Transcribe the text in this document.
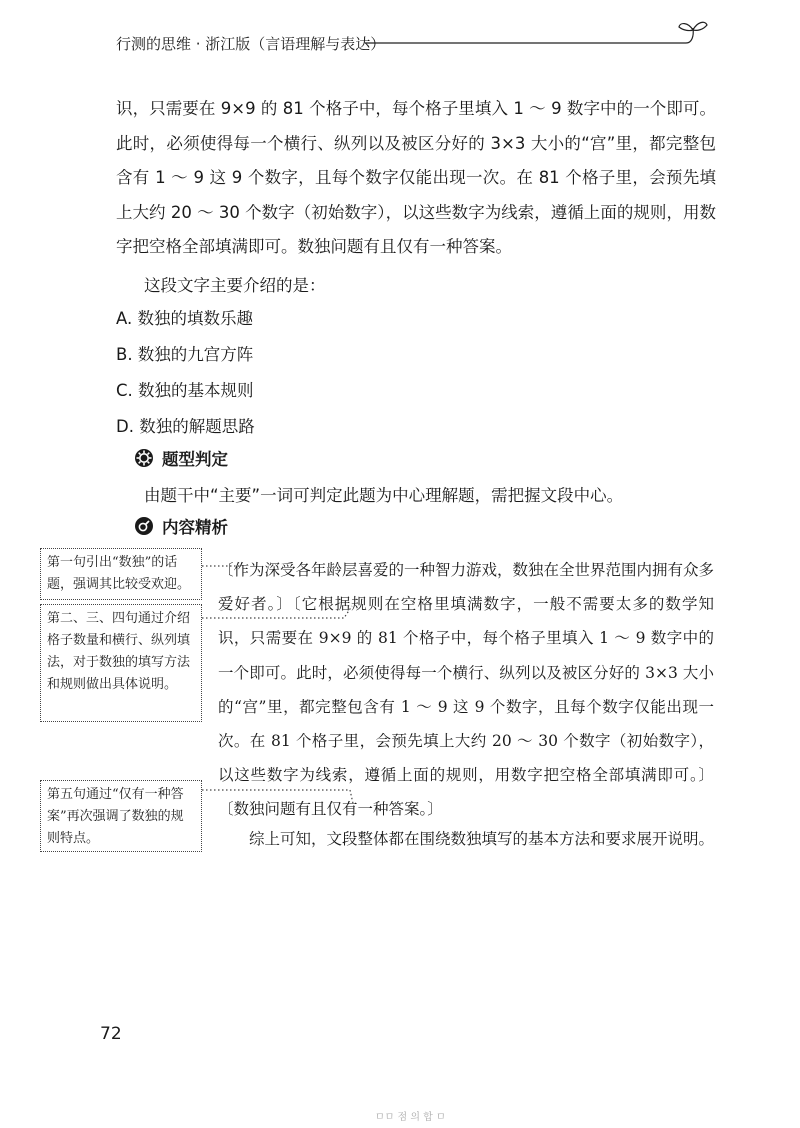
行测的思维 · 浙江版（言语理解与表达）
识，只需要在 9×9 的 81 个格子中，每个格子里填入 1 ～ 9 数字中的一个即可。此时，必须使得每一个横行、纵列以及被区分好的 3×3 大小的“宫”里，都完整包含有 1 ～ 9 这 9 个数字，且每个数字仅能出现一次。在 81 个格子里，会预先填上大约 20 ～ 30 个数字（初始数字），以这些数字为线索，遵循上面的规则，用数字把空格全部填满即可。数独问题有且仅有一种答案。
这段文字主要介绍的是：
A. 数独的填数乐趣
B. 数独的九宫方阵
C. 数独的基本规则
D. 数独的解题思路
题型判定
由题干中“主要”一词可判定此题为中心理解题，需把握文段中心。
内容精析
〔作为深受各年龄层喜爱的一种智力游戏，数独在全世界范围内拥有众多爱好者。〕〔它根据规则在空格里填满数字，一般不需要太多的数学知识，只需要在 9×9 的 81 个格子中，每个格子里填入 1 ～ 9 数字中的一个即可。此时，必须使得每一个横行、纵列以及被区分好的 3×3 大小的“宫”里，都完整包含有 1 ～ 9 这 9 个数字，且每个数字仅能出现一次。在 81 个格子里，会预先填上大约 20 ～ 30 个数字（初始数字），以这些数字为线索，遵循上面的规则，用数字把空格全部填满即可。〕〔数独问题有且仅有一种答案。〕
第一句引出“数独”的话题，强调其比较受欢迎。
第二、三、四句通过介绍格子数量和横行、纵列填法，对于数独的填写方法和规则做出具体说明。
第五句通过“仅有一种答案”再次强调了数独的规则特点。	综上可知，文段整体都在围绕数独填写的基本方法和要求展开说明。
72
ㅁㅁ 점 의 합 ㅁ
